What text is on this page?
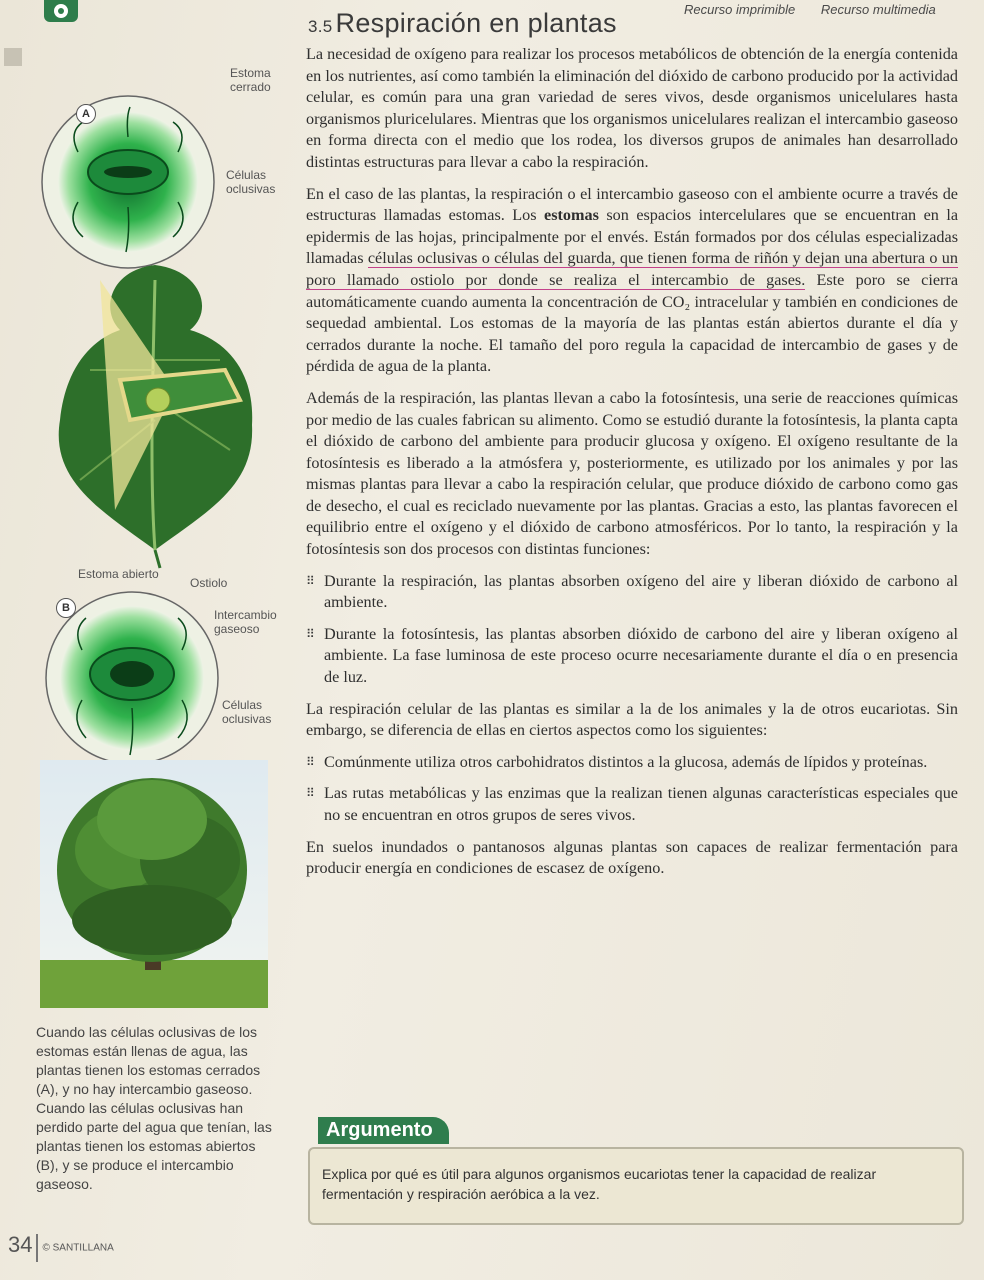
Recurso imprimible Recurso multimedia
3.5 Respiración en plantas
A
Estoma
cerrado
Células
oclusivas
Estoma abierto
Ostiolo
B	Intercambio
gaseoso
Células
oclusivas

La necesidad de oxígeno para realizar los procesos metabólicos de obtención de la energía contenida en los nutrientes, así como también la eliminación del dióxido de carbono producido por la actividad celular, es común para una gran variedad de seres vivos, desde organismos unicelulares hasta organismos pluricelulares. Mientras que los organismos unicelulares realizan el intercambio gaseoso en forma directa con el medio que los rodea, los diversos grupos de animales han desarrollado distintas estructuras para llevar a cabo la respiración.

En el caso de las plantas, la respiración o el intercambio gaseoso con el ambiente ocurre a través de estructuras llamadas estomas. Los estomas son espacios intercelulares que se encuentran en la epidermis de las hojas, principalmente por el envés. Están formados por dos células especializadas llamadas células oclusivas o células del guarda, que tienen forma de riñón y dejan una abertura o un poro llamado ostiolo por donde se realiza el intercambio de gases. Este poro se cierra automáticamente cuando aumenta la concentración de CO₂ intracelular y también en condiciones de sequedad ambiental. Los estomas de la mayoría de las plantas están abiertos durante el día y cerrados durante la noche. El tamaño del poro regula la capacidad de intercambio de gases y de pérdida de agua de la planta.

Además de la respiración, las plantas llevan a cabo la fotosíntesis, una serie de reacciones químicas por medio de las cuales fabrican su alimento. Como se estudió durante la fotosíntesis, la planta capta el dióxido de carbono del ambiente para producir glucosa y oxígeno. El oxígeno resultante de la fotosíntesis es liberado a la atmósfera y, posteriormente, es utilizado por los animales y por las mismas plantas para llevar a cabo la respiración celular, que produce dióxido de carbono como gas de desecho, el cual es reciclado nuevamente por las plantas. Gracias a esto, las plantas favorecen el equilibrio entre el oxígeno y el dióxido de carbono atmosféricos. Por lo tanto, la respiración y la fotosíntesis son dos procesos con distintas funciones:

⠿ Durante la respiración, las plantas absorben oxígeno del aire y liberan dióxido de carbono al ambiente.
⠿ Durante la fotosíntesis, las plantas absorben dióxido de carbono del aire y liberan oxígeno al ambiente. La fase luminosa de este proceso ocurre necesariamente durante el día o en presencia de luz.

La respiración celular de las plantas es similar a la de los animales y la de otros eucariotas. Sin embargo, se diferencia de ellas en ciertos aspectos como los siguientes:

⠿ Comúnmente utiliza otros carbohidratos distintos a la glucosa, además de lípidos y proteínas.
⠿ Las rutas metabólicas y las enzimas que la realizan tienen algunas características especiales que no se encuentran en otros grupos de seres vivos.

En suelos inundados o pantanosos algunas plantas son capaces de realizar fermentación para producir energía en condiciones de escasez de oxígeno.

Argumento
Explica por qué es útil para algunos organismos eucariotas tener la capacidad de realizar fermentación y respiración aeróbica a la vez.
Cuando las células oclusivas de los estomas están llenas de agua, las plantas tienen los estomas cerrados (A), y no hay intercambio gaseoso. Cuando las células oclusivas han perdido parte del agua que tenían, las plantas tienen los estomas abiertos (B), y se produce el intercambio gaseoso.
34 © SANTILLANA
